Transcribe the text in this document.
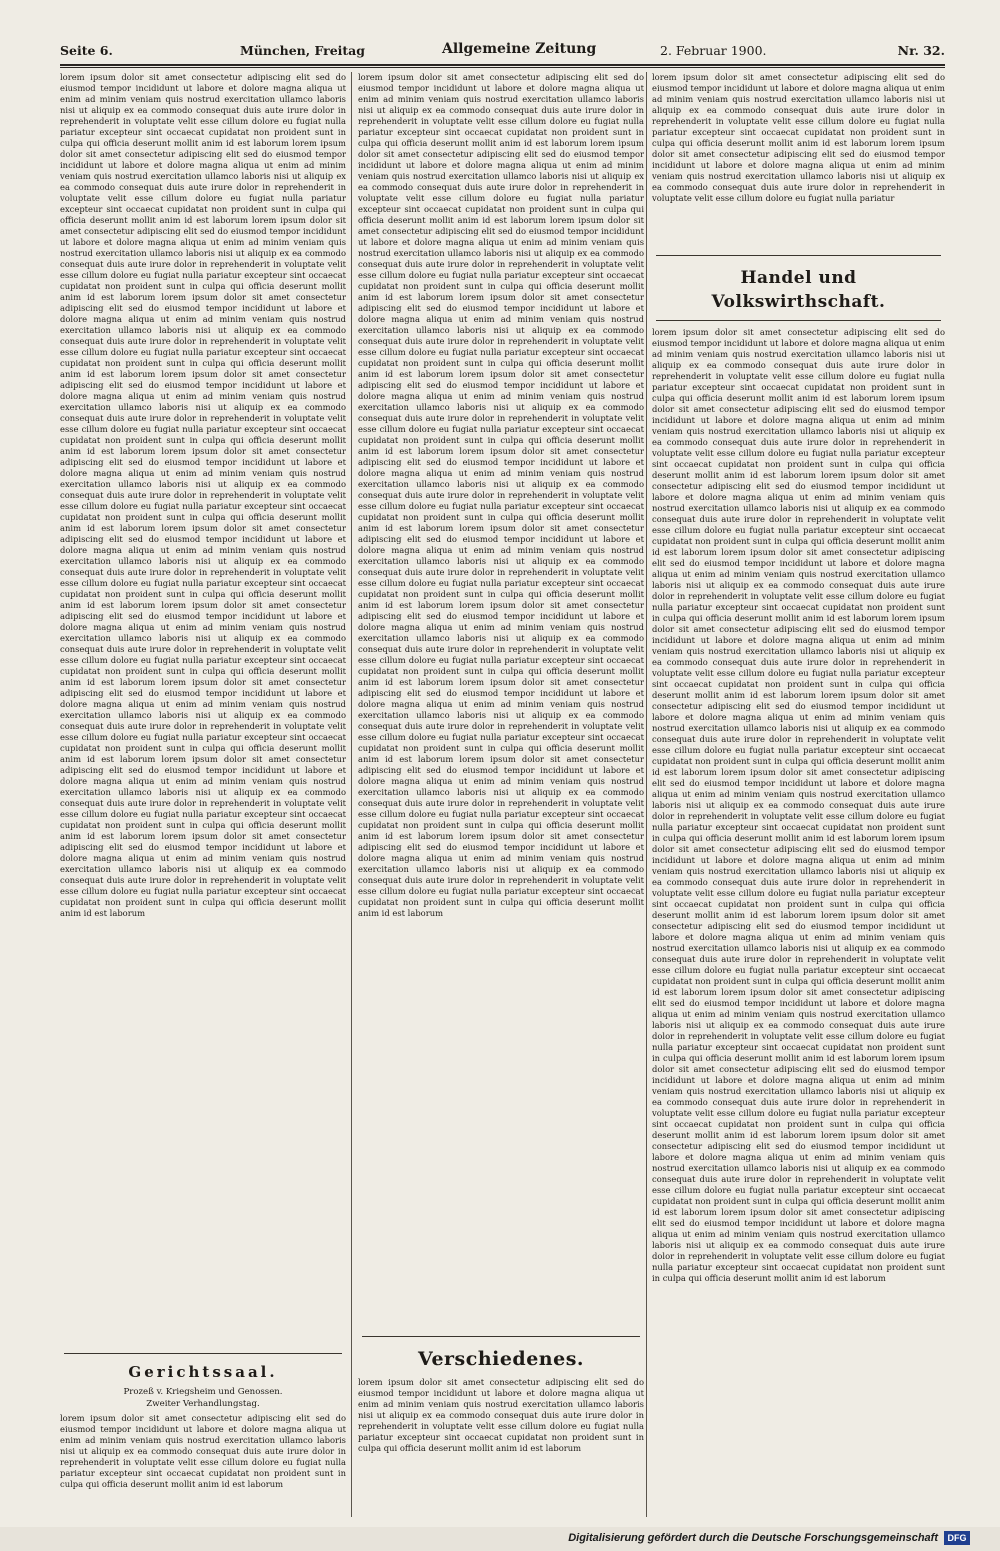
Seite 6.	München, Freitag	Allgemeine Zeitung	2. Februar 1900.	Nr. 32.

lorem ipsum dolor sit amet consectetur adipiscing elit sed do eiusmod tempor incididunt ut labore et dolore magna aliqua ut enim ad minim veniam quis nostrud exercitation ullamco laboris nisi ut aliquip ex ea commodo consequat duis aute irure dolor in reprehenderit in voluptate velit esse cillum dolore eu fugiat nulla pariatur excepteur sint occaecat cupidatat non proident sunt in culpa qui officia deserunt mollit anim id est laborum lorem ipsum dolor sit amet consectetur adipiscing elit sed do eiusmod tempor incididunt ut labore et dolore magna aliqua ut enim ad minim veniam quis nostrud exercitation ullamco laboris nisi ut aliquip ex ea commodo consequat duis aute irure dolor in reprehenderit in voluptate velit esse cillum dolore eu fugiat nulla pariatur excepteur sint occaecat cupidatat non proident sunt in culpa qui officia deserunt mollit anim id est laborum lorem ipsum dolor sit amet consectetur adipiscing elit sed do eiusmod tempor incididunt ut labore et dolore magna aliqua ut enim ad minim veniam quis nostrud exercitation ullamco laboris nisi ut aliquip ex ea commodo consequat duis aute irure dolor in reprehenderit in voluptate velit esse cillum dolore eu fugiat nulla pariatur excepteur sint occaecat cupidatat non proident sunt in culpa qui officia deserunt mollit anim id est laborum lorem ipsum dolor sit amet consectetur adipiscing elit sed do eiusmod tempor incididunt ut labore et dolore magna aliqua ut enim ad minim veniam quis nostrud exercitation ullamco laboris nisi ut aliquip ex ea commodo consequat duis aute irure dolor in reprehenderit in voluptate velit esse cillum dolore eu fugiat nulla pariatur excepteur sint occaecat cupidatat non proident sunt in culpa qui officia deserunt mollit anim id est laborum lorem ipsum dolor sit amet consectetur adipiscing elit sed do eiusmod tempor incididunt ut labore et dolore magna aliqua ut enim ad minim veniam quis nostrud exercitation ullamco laboris nisi ut aliquip ex ea commodo consequat duis aute irure dolor in reprehenderit in voluptate velit esse cillum dolore eu fugiat nulla pariatur excepteur sint occaecat cupidatat non proident sunt in culpa qui officia deserunt mollit anim id est laborum lorem ipsum dolor sit amet consectetur adipiscing elit sed do eiusmod tempor incididunt ut labore et dolore magna aliqua ut enim ad minim veniam quis nostrud exercitation ullamco laboris nisi ut aliquip ex ea commodo consequat duis aute irure dolor in reprehenderit in voluptate velit esse cillum dolore eu fugiat nulla pariatur excepteur sint occaecat cupidatat non proident sunt in culpa qui officia deserunt mollit anim id est laborum lorem ipsum dolor sit amet consectetur adipiscing elit sed do eiusmod tempor incididunt ut labore et dolore magna aliqua ut enim ad minim veniam quis nostrud exercitation ullamco laboris nisi ut aliquip ex ea commodo consequat duis aute irure dolor in reprehenderit in voluptate velit esse cillum dolore eu fugiat nulla pariatur excepteur sint occaecat cupidatat non proident sunt in culpa qui officia deserunt mollit anim id est laborum lorem ipsum dolor sit amet consectetur adipiscing elit sed do eiusmod tempor incididunt ut labore et dolore magna aliqua ut enim ad minim veniam quis nostrud exercitation ullamco laboris nisi ut aliquip ex ea commodo consequat duis aute irure dolor in reprehenderit in voluptate velit esse cillum dolore eu fugiat nulla pariatur excepteur sint occaecat cupidatat non proident sunt in culpa qui officia deserunt mollit anim id est laborum lorem ipsum dolor sit amet consectetur adipiscing elit sed do eiusmod tempor incididunt ut labore et dolore magna aliqua ut enim ad minim veniam quis nostrud exercitation ullamco laboris nisi ut aliquip ex ea commodo consequat duis aute irure dolor in reprehenderit in voluptate velit esse cillum dolore eu fugiat nulla pariatur excepteur sint occaecat cupidatat non proident sunt in culpa qui officia deserunt mollit anim id est laborum lorem ipsum dolor sit amet consectetur adipiscing elit sed do eiusmod tempor incididunt ut labore et dolore magna aliqua ut enim ad minim veniam quis nostrud exercitation ullamco laboris nisi ut aliquip ex ea commodo consequat duis aute irure dolor in reprehenderit in voluptate velit esse cillum dolore eu fugiat nulla pariatur excepteur sint occaecat cupidatat non proident sunt in culpa qui officia deserunt mollit anim id est laborum lorem ipsum dolor sit amet consectetur adipiscing elit sed do eiusmod tempor incididunt ut labore et dolore magna aliqua ut enim ad minim veniam quis nostrud exercitation ullamco laboris nisi ut aliquip ex ea commodo consequat duis aute irure dolor in reprehenderit in voluptate velit esse cillum dolore eu fugiat nulla pariatur excepteur sint occaecat cupidatat non proident sunt in culpa qui officia deserunt mollit anim id est laborum

Gerichtssaal.

Prozeß v. Kriegsheim und Genossen.

Zweiter Verhandlungstag.

lorem ipsum dolor sit amet consectetur adipiscing elit sed do eiusmod tempor incididunt ut labore et dolore magna aliqua ut enim ad minim veniam quis nostrud exercitation ullamco laboris nisi ut aliquip ex ea commodo consequat duis aute irure dolor in reprehenderit in voluptate velit esse cillum dolore eu fugiat nulla pariatur excepteur sint occaecat cupidatat non proident sunt in culpa qui officia deserunt mollit anim id est laborum

lorem ipsum dolor sit amet consectetur adipiscing elit sed do eiusmod tempor incididunt ut labore et dolore magna aliqua ut enim ad minim veniam quis nostrud exercitation ullamco laboris nisi ut aliquip ex ea commodo consequat duis aute irure dolor in reprehenderit in voluptate velit esse cillum dolore eu fugiat nulla pariatur excepteur sint occaecat cupidatat non proident sunt in culpa qui officia deserunt mollit anim id est laborum lorem ipsum dolor sit amet consectetur adipiscing elit sed do eiusmod tempor incididunt ut labore et dolore magna aliqua ut enim ad minim veniam quis nostrud exercitation ullamco laboris nisi ut aliquip ex ea commodo consequat duis aute irure dolor in reprehenderit in voluptate velit esse cillum dolore eu fugiat nulla pariatur excepteur sint occaecat cupidatat non proident sunt in culpa qui officia deserunt mollit anim id est laborum lorem ipsum dolor sit amet consectetur adipiscing elit sed do eiusmod tempor incididunt ut labore et dolore magna aliqua ut enim ad minim veniam quis nostrud exercitation ullamco laboris nisi ut aliquip ex ea commodo consequat duis aute irure dolor in reprehenderit in voluptate velit esse cillum dolore eu fugiat nulla pariatur excepteur sint occaecat cupidatat non proident sunt in culpa qui officia deserunt mollit anim id est laborum lorem ipsum dolor sit amet consectetur adipiscing elit sed do eiusmod tempor incididunt ut labore et dolore magna aliqua ut enim ad minim veniam quis nostrud exercitation ullamco laboris nisi ut aliquip ex ea commodo consequat duis aute irure dolor in reprehenderit in voluptate velit esse cillum dolore eu fugiat nulla pariatur excepteur sint occaecat cupidatat non proident sunt in culpa qui officia deserunt mollit anim id est laborum lorem ipsum dolor sit amet consectetur adipiscing elit sed do eiusmod tempor incididunt ut labore et dolore magna aliqua ut enim ad minim veniam quis nostrud exercitation ullamco laboris nisi ut aliquip ex ea commodo consequat duis aute irure dolor in reprehenderit in voluptate velit esse cillum dolore eu fugiat nulla pariatur excepteur sint occaecat cupidatat non proident sunt in culpa qui officia deserunt mollit anim id est laborum lorem ipsum dolor sit amet consectetur adipiscing elit sed do eiusmod tempor incididunt ut labore et dolore magna aliqua ut enim ad minim veniam quis nostrud exercitation ullamco laboris nisi ut aliquip ex ea commodo consequat duis aute irure dolor in reprehenderit in voluptate velit esse cillum dolore eu fugiat nulla pariatur excepteur sint occaecat cupidatat non proident sunt in culpa qui officia deserunt mollit anim id est laborum lorem ipsum dolor sit amet consectetur adipiscing elit sed do eiusmod tempor incididunt ut labore et dolore magna aliqua ut enim ad minim veniam quis nostrud exercitation ullamco laboris nisi ut aliquip ex ea commodo consequat duis aute irure dolor in reprehenderit in voluptate velit esse cillum dolore eu fugiat nulla pariatur excepteur sint occaecat cupidatat non proident sunt in culpa qui officia deserunt mollit anim id est laborum lorem ipsum dolor sit amet consectetur adipiscing elit sed do eiusmod tempor incididunt ut labore et dolore magna aliqua ut enim ad minim veniam quis nostrud exercitation ullamco laboris nisi ut aliquip ex ea commodo consequat duis aute irure dolor in reprehenderit in voluptate velit esse cillum dolore eu fugiat nulla pariatur excepteur sint occaecat cupidatat non proident sunt in culpa qui officia deserunt mollit anim id est laborum lorem ipsum dolor sit amet consectetur adipiscing elit sed do eiusmod tempor incididunt ut labore et dolore magna aliqua ut enim ad minim veniam quis nostrud exercitation ullamco laboris nisi ut aliquip ex ea commodo consequat duis aute irure dolor in reprehenderit in voluptate velit esse cillum dolore eu fugiat nulla pariatur excepteur sint occaecat cupidatat non proident sunt in culpa qui officia deserunt mollit anim id est laborum lorem ipsum dolor sit amet consectetur adipiscing elit sed do eiusmod tempor incididunt ut labore et dolore magna aliqua ut enim ad minim veniam quis nostrud exercitation ullamco laboris nisi ut aliquip ex ea commodo consequat duis aute irure dolor in reprehenderit in voluptate velit esse cillum dolore eu fugiat nulla pariatur excepteur sint occaecat cupidatat non proident sunt in culpa qui officia deserunt mollit anim id est laborum lorem ipsum dolor sit amet consectetur adipiscing elit sed do eiusmod tempor incididunt ut labore et dolore magna aliqua ut enim ad minim veniam quis nostrud exercitation ullamco laboris nisi ut aliquip ex ea commodo consequat duis aute irure dolor in reprehenderit in voluptate velit esse cillum dolore eu fugiat nulla pariatur excepteur sint occaecat cupidatat non proident sunt in culpa qui officia deserunt mollit anim id est laborum

Verschiedenes.

lorem ipsum dolor sit amet consectetur adipiscing elit sed do eiusmod tempor incididunt ut labore et dolore magna aliqua ut enim ad minim veniam quis nostrud exercitation ullamco laboris nisi ut aliquip ex ea commodo consequat duis aute irure dolor in reprehenderit in voluptate velit esse cillum dolore eu fugiat nulla pariatur excepteur sint occaecat cupidatat non proident sunt in culpa qui officia deserunt mollit anim id est laborum

lorem ipsum dolor sit amet consectetur adipiscing elit sed do eiusmod tempor incididunt ut labore et dolore magna aliqua ut enim ad minim veniam quis nostrud exercitation ullamco laboris nisi ut aliquip ex ea commodo consequat duis aute irure dolor in reprehenderit in voluptate velit esse cillum dolore eu fugiat nulla pariatur excepteur sint occaecat cupidatat non proident sunt in culpa qui officia deserunt mollit anim id est laborum lorem ipsum dolor sit amet consectetur adipiscing elit sed do eiusmod tempor incididunt ut labore et dolore magna aliqua ut enim ad minim veniam quis nostrud exercitation ullamco laboris nisi ut aliquip ex ea commodo consequat duis aute irure dolor in reprehenderit in voluptate velit esse cillum dolore eu fugiat nulla pariatur

Handel und Volkswirthschaft.

lorem ipsum dolor sit amet consectetur adipiscing elit sed do eiusmod tempor incididunt ut labore et dolore magna aliqua ut enim ad minim veniam quis nostrud exercitation ullamco laboris nisi ut aliquip ex ea commodo consequat duis aute irure dolor in reprehenderit in voluptate velit esse cillum dolore eu fugiat nulla pariatur excepteur sint occaecat cupidatat non proident sunt in culpa qui officia deserunt mollit anim id est laborum lorem ipsum dolor sit amet consectetur adipiscing elit sed do eiusmod tempor incididunt ut labore et dolore magna aliqua ut enim ad minim veniam quis nostrud exercitation ullamco laboris nisi ut aliquip ex ea commodo consequat duis aute irure dolor in reprehenderit in voluptate velit esse cillum dolore eu fugiat nulla pariatur excepteur sint occaecat cupidatat non proident sunt in culpa qui officia deserunt mollit anim id est laborum lorem ipsum dolor sit amet consectetur adipiscing elit sed do eiusmod tempor incididunt ut labore et dolore magna aliqua ut enim ad minim veniam quis nostrud exercitation ullamco laboris nisi ut aliquip ex ea commodo consequat duis aute irure dolor in reprehenderit in voluptate velit esse cillum dolore eu fugiat nulla pariatur excepteur sint occaecat cupidatat non proident sunt in culpa qui officia deserunt mollit anim id est laborum lorem ipsum dolor sit amet consectetur adipiscing elit sed do eiusmod tempor incididunt ut labore et dolore magna aliqua ut enim ad minim veniam quis nostrud exercitation ullamco laboris nisi ut aliquip ex ea commodo consequat duis aute irure dolor in reprehenderit in voluptate velit esse cillum dolore eu fugiat nulla pariatur excepteur sint occaecat cupidatat non proident sunt in culpa qui officia deserunt mollit anim id est laborum lorem ipsum dolor sit amet consectetur adipiscing elit sed do eiusmod tempor incididunt ut labore et dolore magna aliqua ut enim ad minim veniam quis nostrud exercitation ullamco laboris nisi ut aliquip ex ea commodo consequat duis aute irure dolor in reprehenderit in voluptate velit esse cillum dolore eu fugiat nulla pariatur excepteur sint occaecat cupidatat non proident sunt in culpa qui officia deserunt mollit anim id est laborum lorem ipsum dolor sit amet consectetur adipiscing elit sed do eiusmod tempor incididunt ut labore et dolore magna aliqua ut enim ad minim veniam quis nostrud exercitation ullamco laboris nisi ut aliquip ex ea commodo consequat duis aute irure dolor in reprehenderit in voluptate velit esse cillum dolore eu fugiat nulla pariatur excepteur sint occaecat cupidatat non proident sunt in culpa qui officia deserunt mollit anim id est laborum lorem ipsum dolor sit amet consectetur adipiscing elit sed do eiusmod tempor incididunt ut labore et dolore magna aliqua ut enim ad minim veniam quis nostrud exercitation ullamco laboris nisi ut aliquip ex ea commodo consequat duis aute irure dolor in reprehenderit in voluptate velit esse cillum dolore eu fugiat nulla pariatur excepteur sint occaecat cupidatat non proident sunt in culpa qui officia deserunt mollit anim id est laborum lorem ipsum dolor sit amet consectetur adipiscing elit sed do eiusmod tempor incididunt ut labore et dolore magna aliqua ut enim ad minim veniam quis nostrud exercitation ullamco laboris nisi ut aliquip ex ea commodo consequat duis aute irure dolor in reprehenderit in voluptate velit esse cillum dolore eu fugiat nulla pariatur excepteur sint occaecat cupidatat non proident sunt in culpa qui officia deserunt mollit anim id est laborum lorem ipsum dolor sit amet consectetur adipiscing elit sed do eiusmod tempor incididunt ut labore et dolore magna aliqua ut enim ad minim veniam quis nostrud exercitation ullamco laboris nisi ut aliquip ex ea commodo consequat duis aute irure dolor in reprehenderit in voluptate velit esse cillum dolore eu fugiat nulla pariatur excepteur sint occaecat cupidatat non proident sunt in culpa qui officia deserunt mollit anim id est laborum lorem ipsum dolor sit amet consectetur adipiscing elit sed do eiusmod tempor incididunt ut labore et dolore magna aliqua ut enim ad minim veniam quis nostrud exercitation ullamco laboris nisi ut aliquip ex ea commodo consequat duis aute irure dolor in reprehenderit in voluptate velit esse cillum dolore eu fugiat nulla pariatur excepteur sint occaecat cupidatat non proident sunt in culpa qui officia deserunt mollit anim id est laborum lorem ipsum dolor sit amet consectetur adipiscing elit sed do eiusmod tempor incididunt ut labore et dolore magna aliqua ut enim ad minim veniam quis nostrud exercitation ullamco laboris nisi ut aliquip ex ea commodo consequat duis aute irure dolor in reprehenderit in voluptate velit esse cillum dolore eu fugiat nulla pariatur excepteur sint occaecat cupidatat non proident sunt in culpa qui officia deserunt mollit anim id est laborum lorem ipsum dolor sit amet consectetur adipiscing elit sed do eiusmod tempor incididunt ut labore et dolore magna aliqua ut enim ad minim veniam quis nostrud exercitation ullamco laboris nisi ut aliquip ex ea commodo consequat duis aute irure dolor in reprehenderit in voluptate velit esse cillum dolore eu fugiat nulla pariatur excepteur sint occaecat cupidatat non proident sunt in culpa qui officia deserunt mollit anim id est laborum lorem ipsum dolor sit amet consectetur adipiscing elit sed do eiusmod tempor incididunt ut labore et dolore magna aliqua ut enim ad minim veniam quis nostrud exercitation ullamco laboris nisi ut aliquip ex ea commodo consequat duis aute irure dolor in reprehenderit in voluptate velit esse cillum dolore eu fugiat nulla pariatur excepteur sint occaecat cupidatat non proident sunt in culpa qui officia deserunt mollit anim id est laborum

Digitalisierung gefördert durch die Deutsche Forschungsgemeinschaft	DFG
